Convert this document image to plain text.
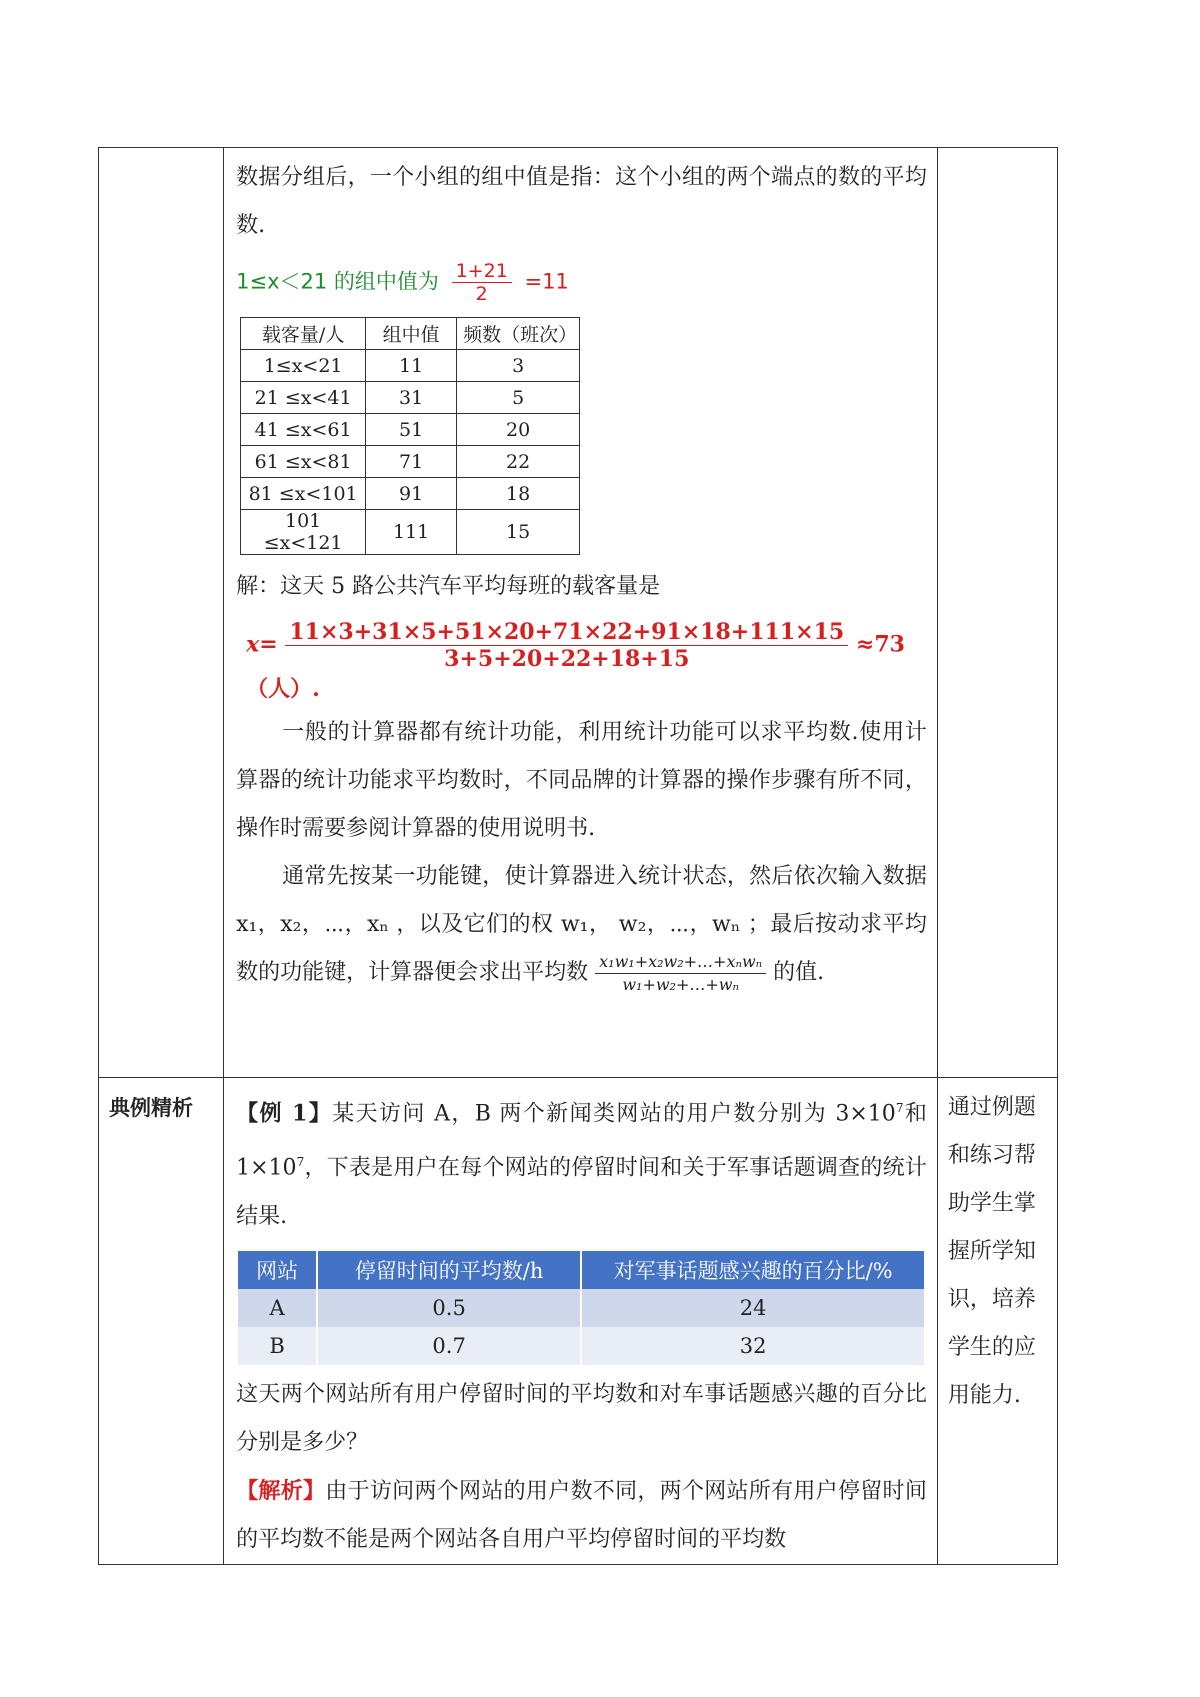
数据分组后，一个小组的组中值是指：这个小组的两个端点的数的平均数.

1≤x＜21 的组中值为 $\frac{1+21}{2} =11$
载客量/人	组中值	频数（班次）
1≤x<21	11	3
21 ≤x<41	31	5
41 ≤x<61	51	20
61 ≤x<81	71	22
81 ≤x<101	91	18
101 ≤x<121	111	15

解：这天 5 路公共汽车平均每班的载客量是

$x= \frac{11\times 3+31\times 5+51\times 20+71\times 22+91\times 18+111\times 15}{3+5+20+22+18+15} \approx 73$（人）.

一般的计算器都有统计功能，利用统计功能可以求平均数.使用计算器的统计功能求平均数时，不同品牌的计算器的操作步骤有所不同，操作时需要参阅计算器的使用说明书.

通常先按某一功能键，使计算器进入统计状态，然后依次输入数据 x₁，x₂，⋯，xₙ ，以及它们的权 w₁， w₂，⋯，wₙ ；最后按动求平均数的功能键，计算器便会求出平均数 $\frac{\text{x₁w₁+x₂w₂+…+xₙwₙ}}{\text{w₁+w₂+…+wₙ}}$ 的值.

典例精析	【例 1】某天访问 A，B 两个新闻类网站的用户数分别为 $3\times 10^7$和 $1\times 10^7$，下表是用户在每个网站的停留时间和关于军事话题调查的统计结果.

网站	停留时间的平均数/h	对军事话题感兴趣的百分比/%
A	0.5	24
B	0.7	32

这天两个网站所有用户停留时间的平均数和对车事话题感兴趣的百分比分别是多少？

【解析】由于访问两个网站的用户数不同，两个网站所有用户停留时间的平均数不能是两个网站各自用户平均停留时间的平均数

通过例题和练习帮助学生掌握所学知识，培养学生的应用能力.
